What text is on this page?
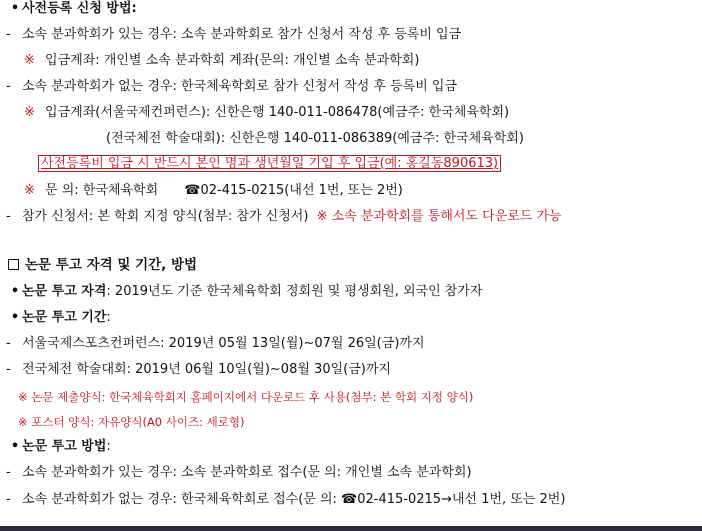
• 사전등록 신청 방법:
- 소속 분과학회가 있는 경우: 소속 분과학회로 참가 신청서 작성 후 등록비 입금
※ 입금계좌: 개인별 소속 분과학회 계좌(문의: 개인별 소속 분과학회)
- 소속 분과학회가 없는 경우: 한국체육학회로 참가 신청서 작성 후 등록비 입금
※ 입금계좌(서울국제컨퍼런스): 신한은행 140-011-086478(예금주: 한국체육학회)
(전국체전 학술대회): 신한은행 140-011-086389(예금주: 한국체육학회)
사전등록비 입금 시 반드시 본인 명과 생년월일 기입 후 입금(예: 홍길동890613)
※ 문 의: 한국체육학회 ☎02-415-0215(내선 1번, 또는 2번)
- 참가 신청서: 본 학회 지정 양식(첨부: 참가 신청서) ※ 소속 분과학회를 통해서도 다운로드 가능
논문 투고 자격 및 기간, 방법
• 논문 투고 자격: 2019년도 기준 한국체육학회 정회원 및 평생회원, 외국인 참가자
• 논문 투고 기간:
- 서울국제스포츠컨퍼런스: 2019년 05월 13일(월)~07월 26일(금)까지
- 전국체전 학술대회: 2019년 06월 10일(월)~08월 30일(금)까지
※ 논문 제출양식: 한국체육학회지 홈페이지에서 다운로드 후 사용(첨부: 본 학회 지정 양식)
※ 포스터 양식: 자유양식(A0 사이즈: 세로형)
• 논문 투고 방법:
- 소속 분과학회가 있는 경우: 소속 분과학회로 접수(문 의: 개인별 소속 분과학회)
- 소속 분과학회가 없는 경우: 한국체육학회로 접수(문 의: ☎02-415-0215→내선 1번, 또는 2번)
